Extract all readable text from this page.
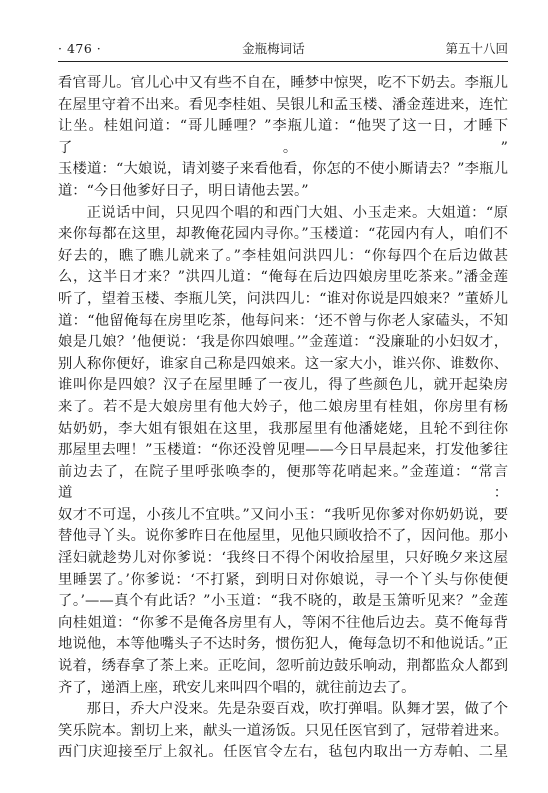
· 476 ·	金瓶梅词话	第五十八回

看官哥儿。官儿心中又有些不自在，睡梦中惊哭，吃不下奶去。李瓶儿

在屋里守着不出来。看见李桂姐、吴银儿和孟玉楼、潘金莲进来，连忙

让坐。桂姐问道：“哥儿睡哩？”李瓶儿道：“他哭了这一日，才睡下了。”

玉楼道：“大娘说，请刘婆子来看他看，你怎的不使小厮请去？”李瓶儿

道：“今日他爹好日子，明日请他去罢。”

正说话中间，只见四个唱的和西门大姐、小玉走来。大姐道：“原

来你每都在这里，却教俺花园内寻你。”玉楼道：“花园内有人，咱们不

好去的，瞧了瞧儿就来了。”李桂姐问洪四儿：“你每四个在后边做甚

么，这半日才来？”洪四儿道：“俺每在后边四娘房里吃茶来。”潘金莲

听了，望着玉楼、李瓶儿笑，问洪四儿：“谁对你说是四娘来？”董娇儿

道：“他留俺每在房里吃茶，他每问来：‘还不曾与你老人家磕头，不知

娘是几娘？’他便说：‘我是你四娘哩。’”金莲道：“没廉耻的小妇奴才，

别人称你便好，谁家自己称是四娘来。这一家大小，谁兴你、谁数你、

谁叫你是四娘？汉子在屋里睡了一夜儿，得了些颜色儿，就开起染房

来了。若不是大娘房里有他大妗子，他二娘房里有桂姐，你房里有杨

姑奶奶，李大姐有银姐在这里，我那屋里有他潘姥姥，且轮不到往你

那屋里去哩！”玉楼道：“你还没曾见哩——今日早晨起来，打发他爹往

前边去了，在院子里呼张唤李的，便那等花哨起来。”金莲道：“常言道：

奴才不可逞，小孩儿不宜哄。”又问小玉：“我听见你爹对你奶奶说，要

替他寻丫头。说你爹昨日在他屋里，见他只顾收拾不了，因问他。那小

淫妇就趁势儿对你爹说：‘我终日不得个闲收拾屋里，只好晚夕来这屋

里睡罢了。’你爹说：‘不打紧，到明日对你娘说，寻一个丫头与你使便

了。’——真个有此话？”小玉道：“我不晓的，敢是玉箫听见来？”金莲

向桂姐道：“你爹不是俺各房里有人，等闲不往他后边去。莫不俺每背

地说他，本等他嘴头子不达时务，惯伤犯人，俺每急切不和他说话。”正

说着，绣春拿了茶上来。正吃间，忽听前边鼓乐响动，荆都监众人都到

齐了，递酒上座，玳安儿来叫四个唱的，就往前边去了。

那日，乔大户没来。先是杂耍百戏，吹打弹唱。队舞才罢，做了个

笑乐院本。割切上来，献头一道汤饭。只见任医官到了，冠带着进来。

西门庆迎接至厅上叙礼。任医官令左右，毡包内取出一方寿帕、二星
